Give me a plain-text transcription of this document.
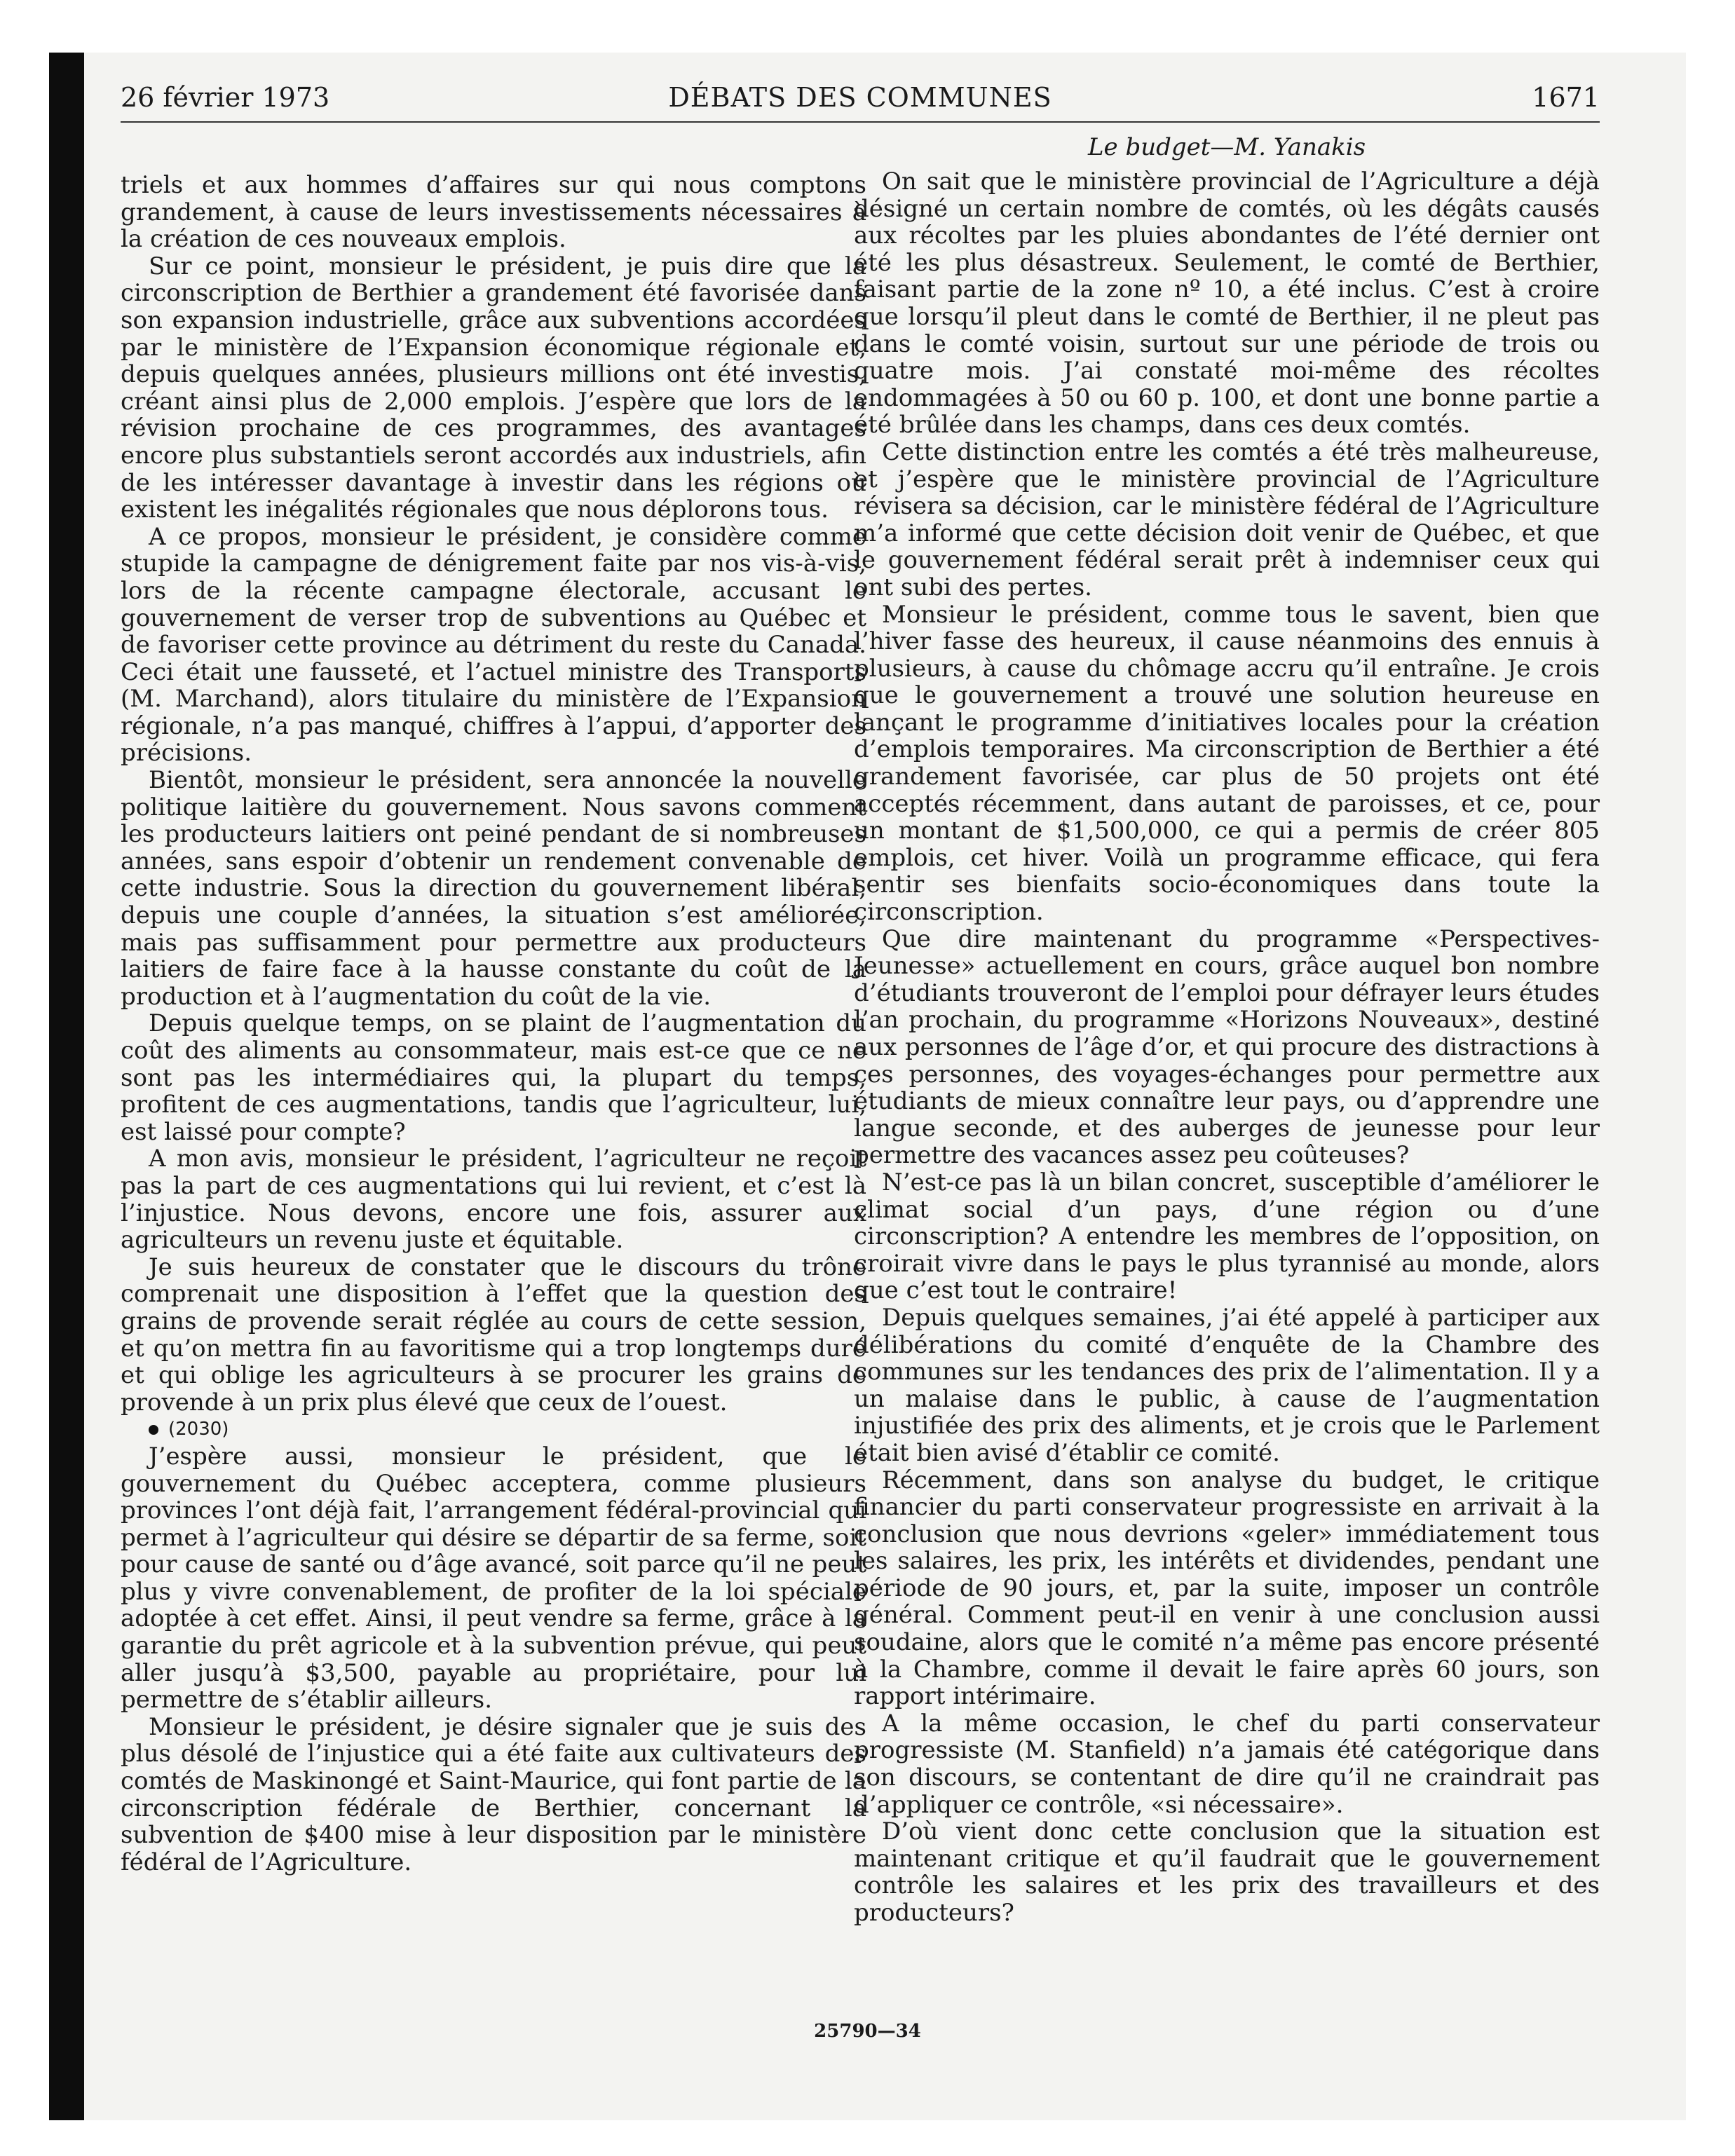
26 février 1973	DÉBATS DES COMMUNES	1671
Le budget—M. Yanakis

triels et aux hommes d’affaires sur qui nous comptons grandement, à cause de leurs investissements nécessaires à la création de ces nouveaux emplois.

Sur ce point, monsieur le président, je puis dire que la circonscription de Berthier a grandement été favorisée dans son expansion industrielle, grâce aux subventions accordées par le ministère de l’Expansion économique régionale et, depuis quelques années, plusieurs millions ont été investis, créant ainsi plus de 2,000 emplois. J’espère que lors de la révision prochaine de ces programmes, des avantages encore plus substantiels seront accordés aux industriels, afin de les intéresser davantage à investir dans les régions où existent les inégalités régionales que nous déplorons tous.

A ce propos, monsieur le président, je considère comme stupide la campagne de dénigrement faite par nos vis-à-vis, lors de la récente campagne électorale, accusant le gouvernement de verser trop de subventions au Québec et de favoriser cette province au détriment du reste du Canada. Ceci était une fausseté, et l’actuel ministre des Transports (M. Marchand), alors titulaire du ministère de l’Expansion régionale, n’a pas manqué, chiffres à l’appui, d’apporter des précisions.

Bientôt, monsieur le président, sera annoncée la nouvelle politique laitière du gouvernement. Nous savons comment les producteurs laitiers ont peiné pendant de si nombreuses années, sans espoir d’obtenir un rendement convenable de cette industrie. Sous la direction du gouvernement libéral, depuis une couple d’années, la situation s’est améliorée, mais pas suffisamment pour permettre aux producteurs laitiers de faire face à la hausse constante du coût de la production et à l’augmentation du coût de la vie.

Depuis quelque temps, on se plaint de l’augmentation du coût des aliments au consommateur, mais est-ce que ce ne sont pas les intermédiaires qui, la plupart du temps, profitent de ces augmentations, tandis que l’agriculteur, lui, est laissé pour compte?

A mon avis, monsieur le président, l’agriculteur ne reçoit pas la part de ces augmentations qui lui revient, et c’est là l’injustice. Nous devons, encore une fois, assurer aux agriculteurs un revenu juste et équitable.

Je suis heureux de constater que le discours du trône comprenait une disposition à l’effet que la question des grains de provende serait réglée au cours de cette session, et qu’on mettra fin au favoritisme qui a trop longtemps duré et qui oblige les agriculteurs à se procurer les grains de provende à un prix plus élevé que ceux de l’ouest.

(2030)

J’espère aussi, monsieur le président, que le gouvernement du Québec acceptera, comme plusieurs provinces l’ont déjà fait, l’arrangement fédéral-provincial qui permet à l’agriculteur qui désire se départir de sa ferme, soit pour cause de santé ou d’âge avancé, soit parce qu’il ne peut plus y vivre convenablement, de profiter de la loi spéciale adoptée à cet effet. Ainsi, il peut vendre sa ferme, grâce à la garantie du prêt agricole et à la subvention prévue, qui peut aller jusqu’à $3,500, payable au propriétaire, pour lui permettre de s’établir ailleurs.

Monsieur le président, je désire signaler que je suis des plus désolé de l’injustice qui a été faite aux cultivateurs des comtés de Maskinongé et Saint-Maurice, qui font partie de la circonscription fédérale de Berthier, concernant la subvention de $400 mise à leur disposition par le ministère fédéral de l’Agriculture.

On sait que le ministère provincial de l’Agriculture a déjà désigné un certain nombre de comtés, où les dégâts causés aux récoltes par les pluies abondantes de l’été dernier ont été les plus désastreux. Seulement, le comté de Berthier, faisant partie de la zone nº 10, a été inclus. C’est à croire que lorsqu’il pleut dans le comté de Berthier, il ne pleut pas dans le comté voisin, surtout sur une période de trois ou quatre mois. J’ai constaté moi-même des récoltes endommagées à 50 ou 60 p. 100, et dont une bonne partie a été brûlée dans les champs, dans ces deux comtés.

Cette distinction entre les comtés a été très malheureuse, et j’espère que le ministère provincial de l’Agriculture révisera sa décision, car le ministère fédéral de l’Agriculture m’a informé que cette décision doit venir de Québec, et que le gouvernement fédéral serait prêt à indemniser ceux qui ont subi des pertes.

Monsieur le président, comme tous le savent, bien que l’hiver fasse des heureux, il cause néanmoins des ennuis à plusieurs, à cause du chômage accru qu’il entraîne. Je crois que le gouvernement a trouvé une solution heureuse en lançant le programme d’initiatives locales pour la création d’emplois temporaires. Ma circonscription de Berthier a été grandement favorisée, car plus de 50 projets ont été acceptés récemment, dans autant de paroisses, et ce, pour un montant de $1,500,000, ce qui a permis de créer 805 emplois, cet hiver. Voilà un programme efficace, qui fera sentir ses bienfaits socio-économiques dans toute la circonscription.

Que dire maintenant du programme «Perspectives-Jeunesse» actuellement en cours, grâce auquel bon nombre d’étudiants trouveront de l’emploi pour défrayer leurs études l’an prochain, du programme «Horizons Nouveaux», destiné aux personnes de l’âge d’or, et qui procure des distractions à ces personnes, des voyages-échanges pour permettre aux étudiants de mieux connaître leur pays, ou d’apprendre une langue seconde, et des auberges de jeunesse pour leur permettre des vacances assez peu coûteuses?

N’est-ce pas là un bilan concret, susceptible d’améliorer le climat social d’un pays, d’une région ou d’une circonscription? A entendre les membres de l’opposition, on croirait vivre dans le pays le plus tyrannisé au monde, alors que c’est tout le contraire!

Depuis quelques semaines, j’ai été appelé à participer aux délibérations du comité d’enquête de la Chambre des communes sur les tendances des prix de l’alimentation. Il y a un malaise dans le public, à cause de l’augmentation injustifiée des prix des aliments, et je crois que le Parlement était bien avisé d’établir ce comité.

Récemment, dans son analyse du budget, le critique financier du parti conservateur progressiste en arrivait à la conclusion que nous devrions «geler» immédiatement tous les salaires, les prix, les intérêts et dividendes, pendant une période de 90 jours, et, par la suite, imposer un contrôle général. Comment peut-il en venir à une conclusion aussi soudaine, alors que le comité n’a même pas encore présenté à la Chambre, comme il devait le faire après 60 jours, son rapport intérimaire.

A la même occasion, le chef du parti conservateur progressiste (M. Stanfield) n’a jamais été catégorique dans son discours, se contentant de dire qu’il ne craindrait pas d’appliquer ce contrôle, «si nécessaire».

D’où vient donc cette conclusion que la situation est maintenant critique et qu’il faudrait que le gouvernement contrôle les salaires et les prix des travailleurs et des producteurs?

25790—34
